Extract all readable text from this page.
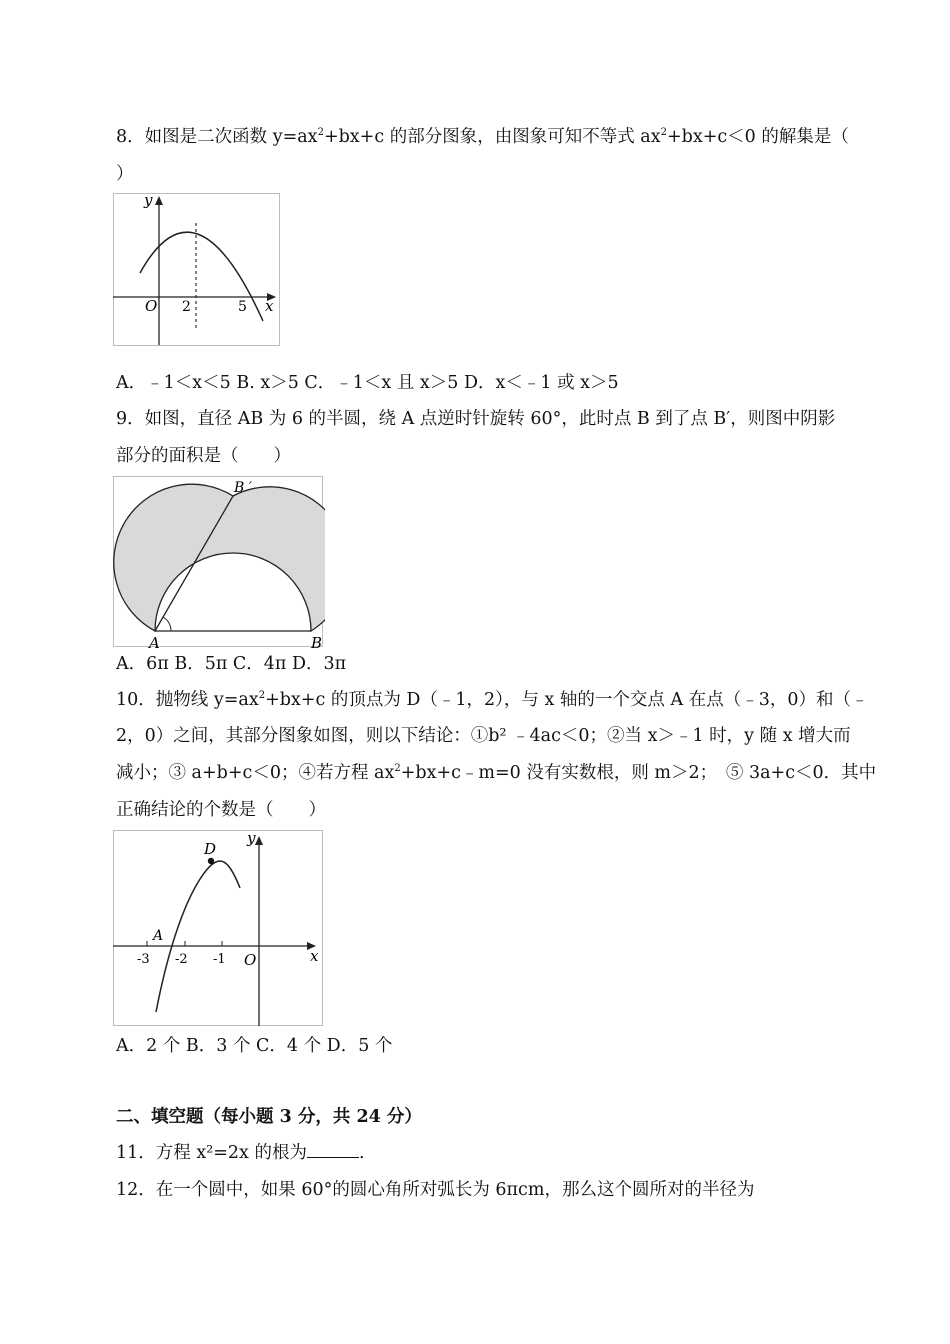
8．如图是二次函数 $y=ax^2+bx+c$ 的部分图象，由图象可知不等式 $ax^2+bx+c<0$ 的解集是（
）
y
x
O 2	5
A．﹣1＜x＜5 B. x＞5 C．﹣1＜x 且 x＞5 D．x＜﹣1 或 x＞5
9．如图，直径 AB 为 6 的半圆，绕 A 点逆时针旋转 60°，此时点 B 到了点 B′，则图中阴影
部分的面积是（　　）
A	B
B ′
A．6π B．5π C．4π D．3π
10．抛物线 $y=ax^2+bx+c$ 的顶点为 D（﹣1，2），与 x 轴的一个交点 A 在点（﹣3，0）和（﹣
2，0）之间，其部分图象如图，则以下结论：①b² ﹣4ac＜0；②当 x＞﹣1 时，y 随 x 增大而
减小；③ a+b+c＜0；④若方程 $ax^2+bx+c﹣m=0$ 没有实数根，则 m＞2；　⑤ 3a+c＜0．其中
正确结论的个数是（　　）
D
A
y
x
O
-3 -2 -1
A．2 个 B．3 个 C．4 个 D．5 个
二、填空题（每小题 3 分，共 24 分）
11．方程 x²=2x 的根为	.
12．在一个圆中，如果 60°的圆心角所对弧长为 6πcm，那么这个圆所对的半径为
